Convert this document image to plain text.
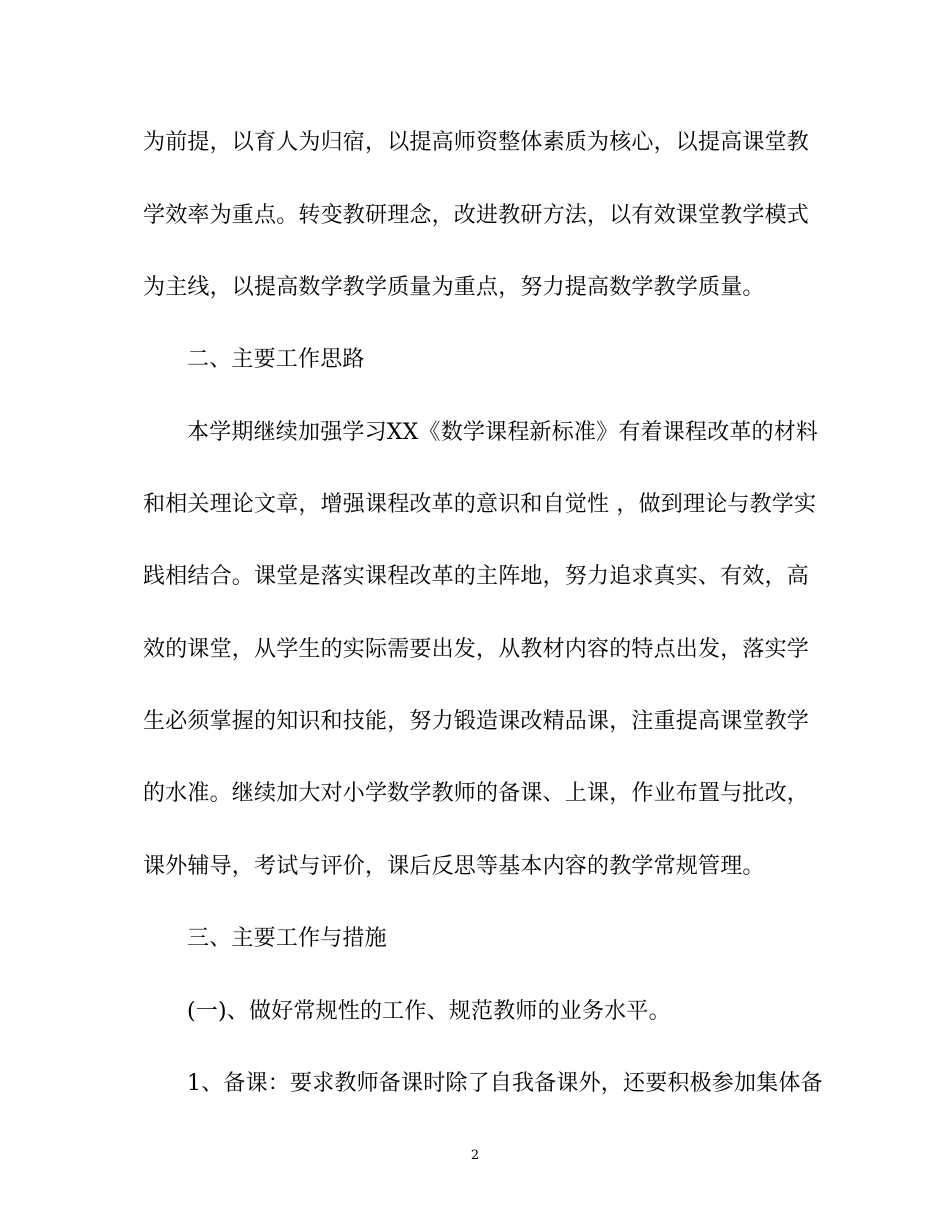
为前提，以育人为归宿，以提高师资整体素质为核心，以提高课堂教
学效率为重点。转变教研理念，改进教研方法，以有效课堂教学模式
为主线，以提高数学教学质量为重点，努力提高数学教学质量。
二、主要工作思路
本学期继续加强学习XX《数学课程新标准》有着课程改革的材料
和相关理论文章，增强课程改革的意识和自觉性 ，做到理论与教学实
践相结合。课堂是落实课程改革的主阵地，努力追求真实、有效，高
效的课堂，从学生的实际需要出发，从教材内容的特点出发，落实学
生必须掌握的知识和技能，努力锻造课改精品课，注重提高课堂教学
的水准。继续加大对小学数学教师的备课、上课，作业布置与批改，
课外辅导，考试与评价，课后反思等基本内容的教学常规管理。
三、主要工作与措施
(一)、做好常规性的工作、规范教师的业务水平。
1、备课：要求教师备课时除了自我备课外，还要积极参加集体备
2
